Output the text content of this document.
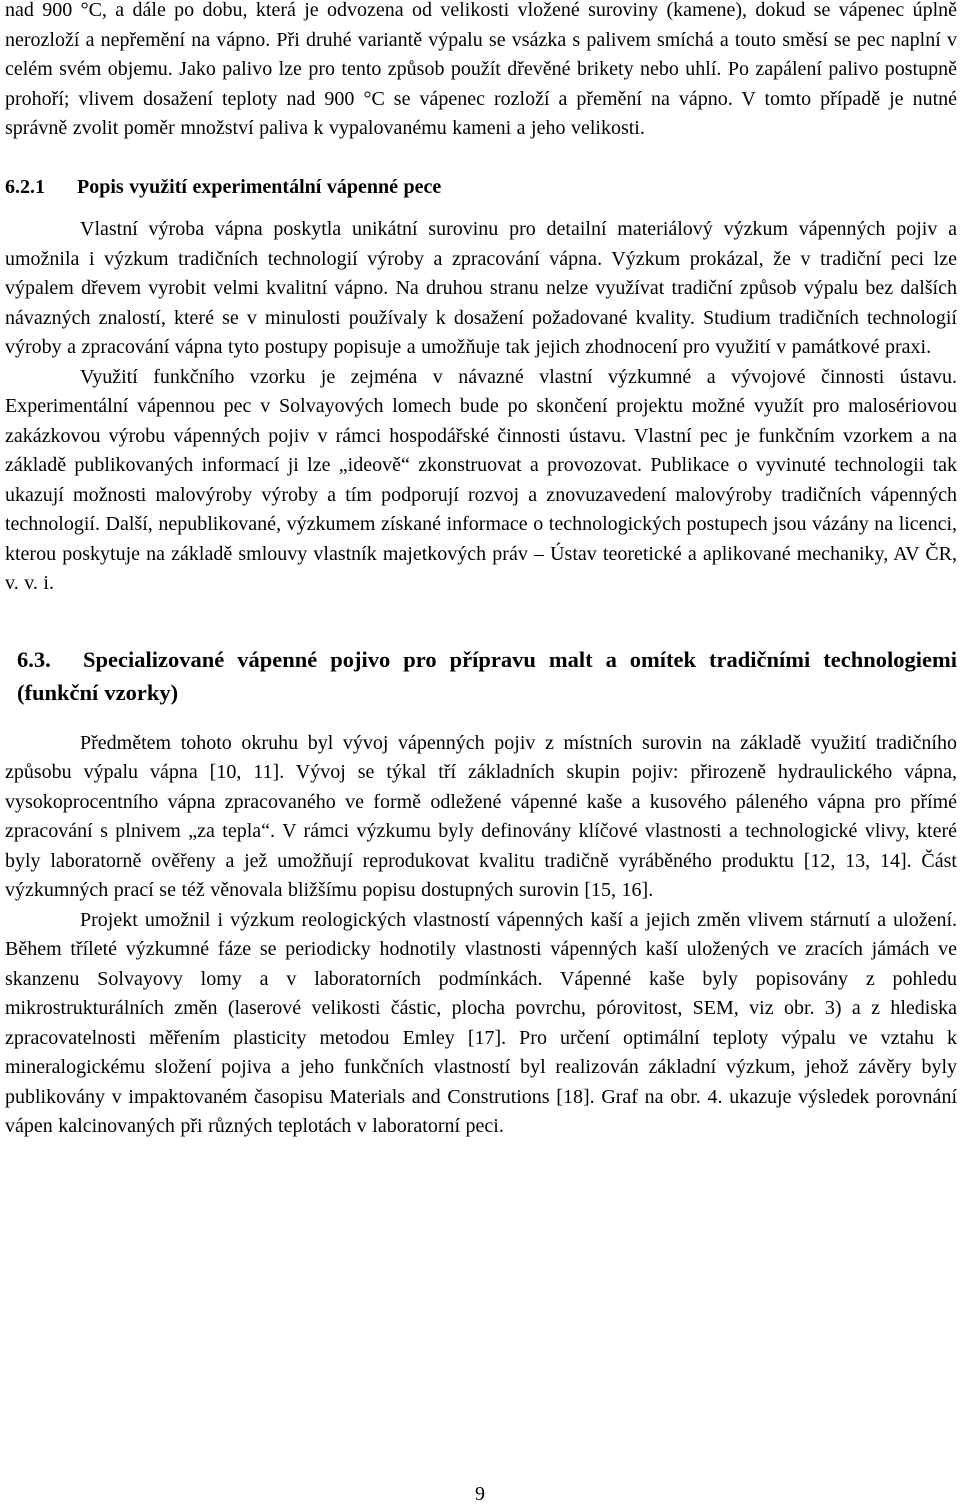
nad 900 °C, a dále po dobu, která je odvozena od velikosti vložené suroviny (kamene), dokud se vápenec úplně nerozloží a nepřemění na vápno. Při druhé variantě výpalu se vsázka s palivem smíchá a touto směsí se pec naplní v celém svém objemu. Jako palivo lze pro tento způsob použít dřevěné brikety nebo uhlí. Po zapálení palivo postupně prohoří; vlivem dosažení teploty nad 900 °C se vápenec rozloží a přemění na vápno. V tomto případě je nutné správně zvolit poměr množství paliva k vypalovanému kameni a jeho velikosti.

6.2.1 Popis využití experimentální vápenné pece

Vlastní výroba vápna poskytla unikátní surovinu pro detailní materiálový výzkum vápenných pojiv a umožnila i výzkum tradičních technologií výroby a zpracování vápna. Výzkum prokázal, že v tradiční peci lze výpalem dřevem vyrobit velmi kvalitní vápno. Na druhou stranu nelze využívat tradiční způsob výpalu bez dalších návazných znalostí, které se v minulosti používaly k dosažení požadované kvality. Studium tradičních technologií výroby a zpracování vápna tyto postupy popisuje a umožňuje tak jejich zhodnocení pro využití v památkové praxi.

Využití funkčního vzorku je zejména v návazné vlastní výzkumné a vývojové činnosti ústavu. Experimentální vápennou pec v Solvayových lomech bude po skončení projektu možné využít pro malosériovou zakázkovou výrobu vápenných pojiv v rámci hospodářské činnosti ústavu. Vlastní pec je funkčním vzorkem a na základě publikovaných informací ji lze „ideově“ zkonstruovat a provozovat. Publikace o vyvinuté technologii tak ukazují možnosti malovýroby výroby a tím podporují rozvoj a znovuzavedení malovýroby tradičních vápenných technologií. Další, nepublikované, výzkumem získané informace o technologických postupech jsou vázány na licenci, kterou poskytuje na základě smlouvy vlastník majetkových práv – Ústav teoretické a aplikované mechaniky, AV ČR, v. v. i.

6.3. Specializované vápenné pojivo pro přípravu malt a omítek tradičními technologiemi (funkční vzorky)

Předmětem tohoto okruhu byl vývoj vápenných pojiv z místních surovin na základě využití tradičního způsobu výpalu vápna [10, 11]. Vývoj se týkal tří základních skupin pojiv: přirozeně hydraulického vápna, vysokoprocentního vápna zpracovaného ve formě odležené vápenné kaše a kusového páleného vápna pro přímé zpracování s plnivem „za tepla“. V rámci výzkumu byly definovány klíčové vlastnosti a technologické vlivy, které byly laboratorně ověřeny a jež umožňují reprodukovat kvalitu tradičně vyráběného produktu [12, 13, 14]. Část výzkumných prací se též věnovala bližšímu popisu dostupných surovin [15, 16].

Projekt umožnil i výzkum reologických vlastností vápenných kaší a jejich změn vlivem stárnutí a uložení. Během tříleté výzkumné fáze se periodicky hodnotily vlastnosti vápenných kaší uložených ve zracích jámách ve skanzenu Solvayovy lomy a v laboratorních podmínkách. Vápenné kaše byly popisovány z pohledu mikrostrukturálních změn (laserové velikosti částic, plocha povrchu, pórovitost, SEM, viz obr. 3) a z hlediska zpracovatelnosti měřením plasticity metodou Emley [17]. Pro určení optimální teploty výpalu ve vztahu k mineralogickému složení pojiva a jeho funkčních vlastností byl realizován základní výzkum, jehož závěry byly publikovány v impaktovaném časopisu Materials and Construtions [18]. Graf na obr. 4. ukazuje výsledek porovnání vápen kalcinovaných při různých teplotách v laboratorní peci.

9
